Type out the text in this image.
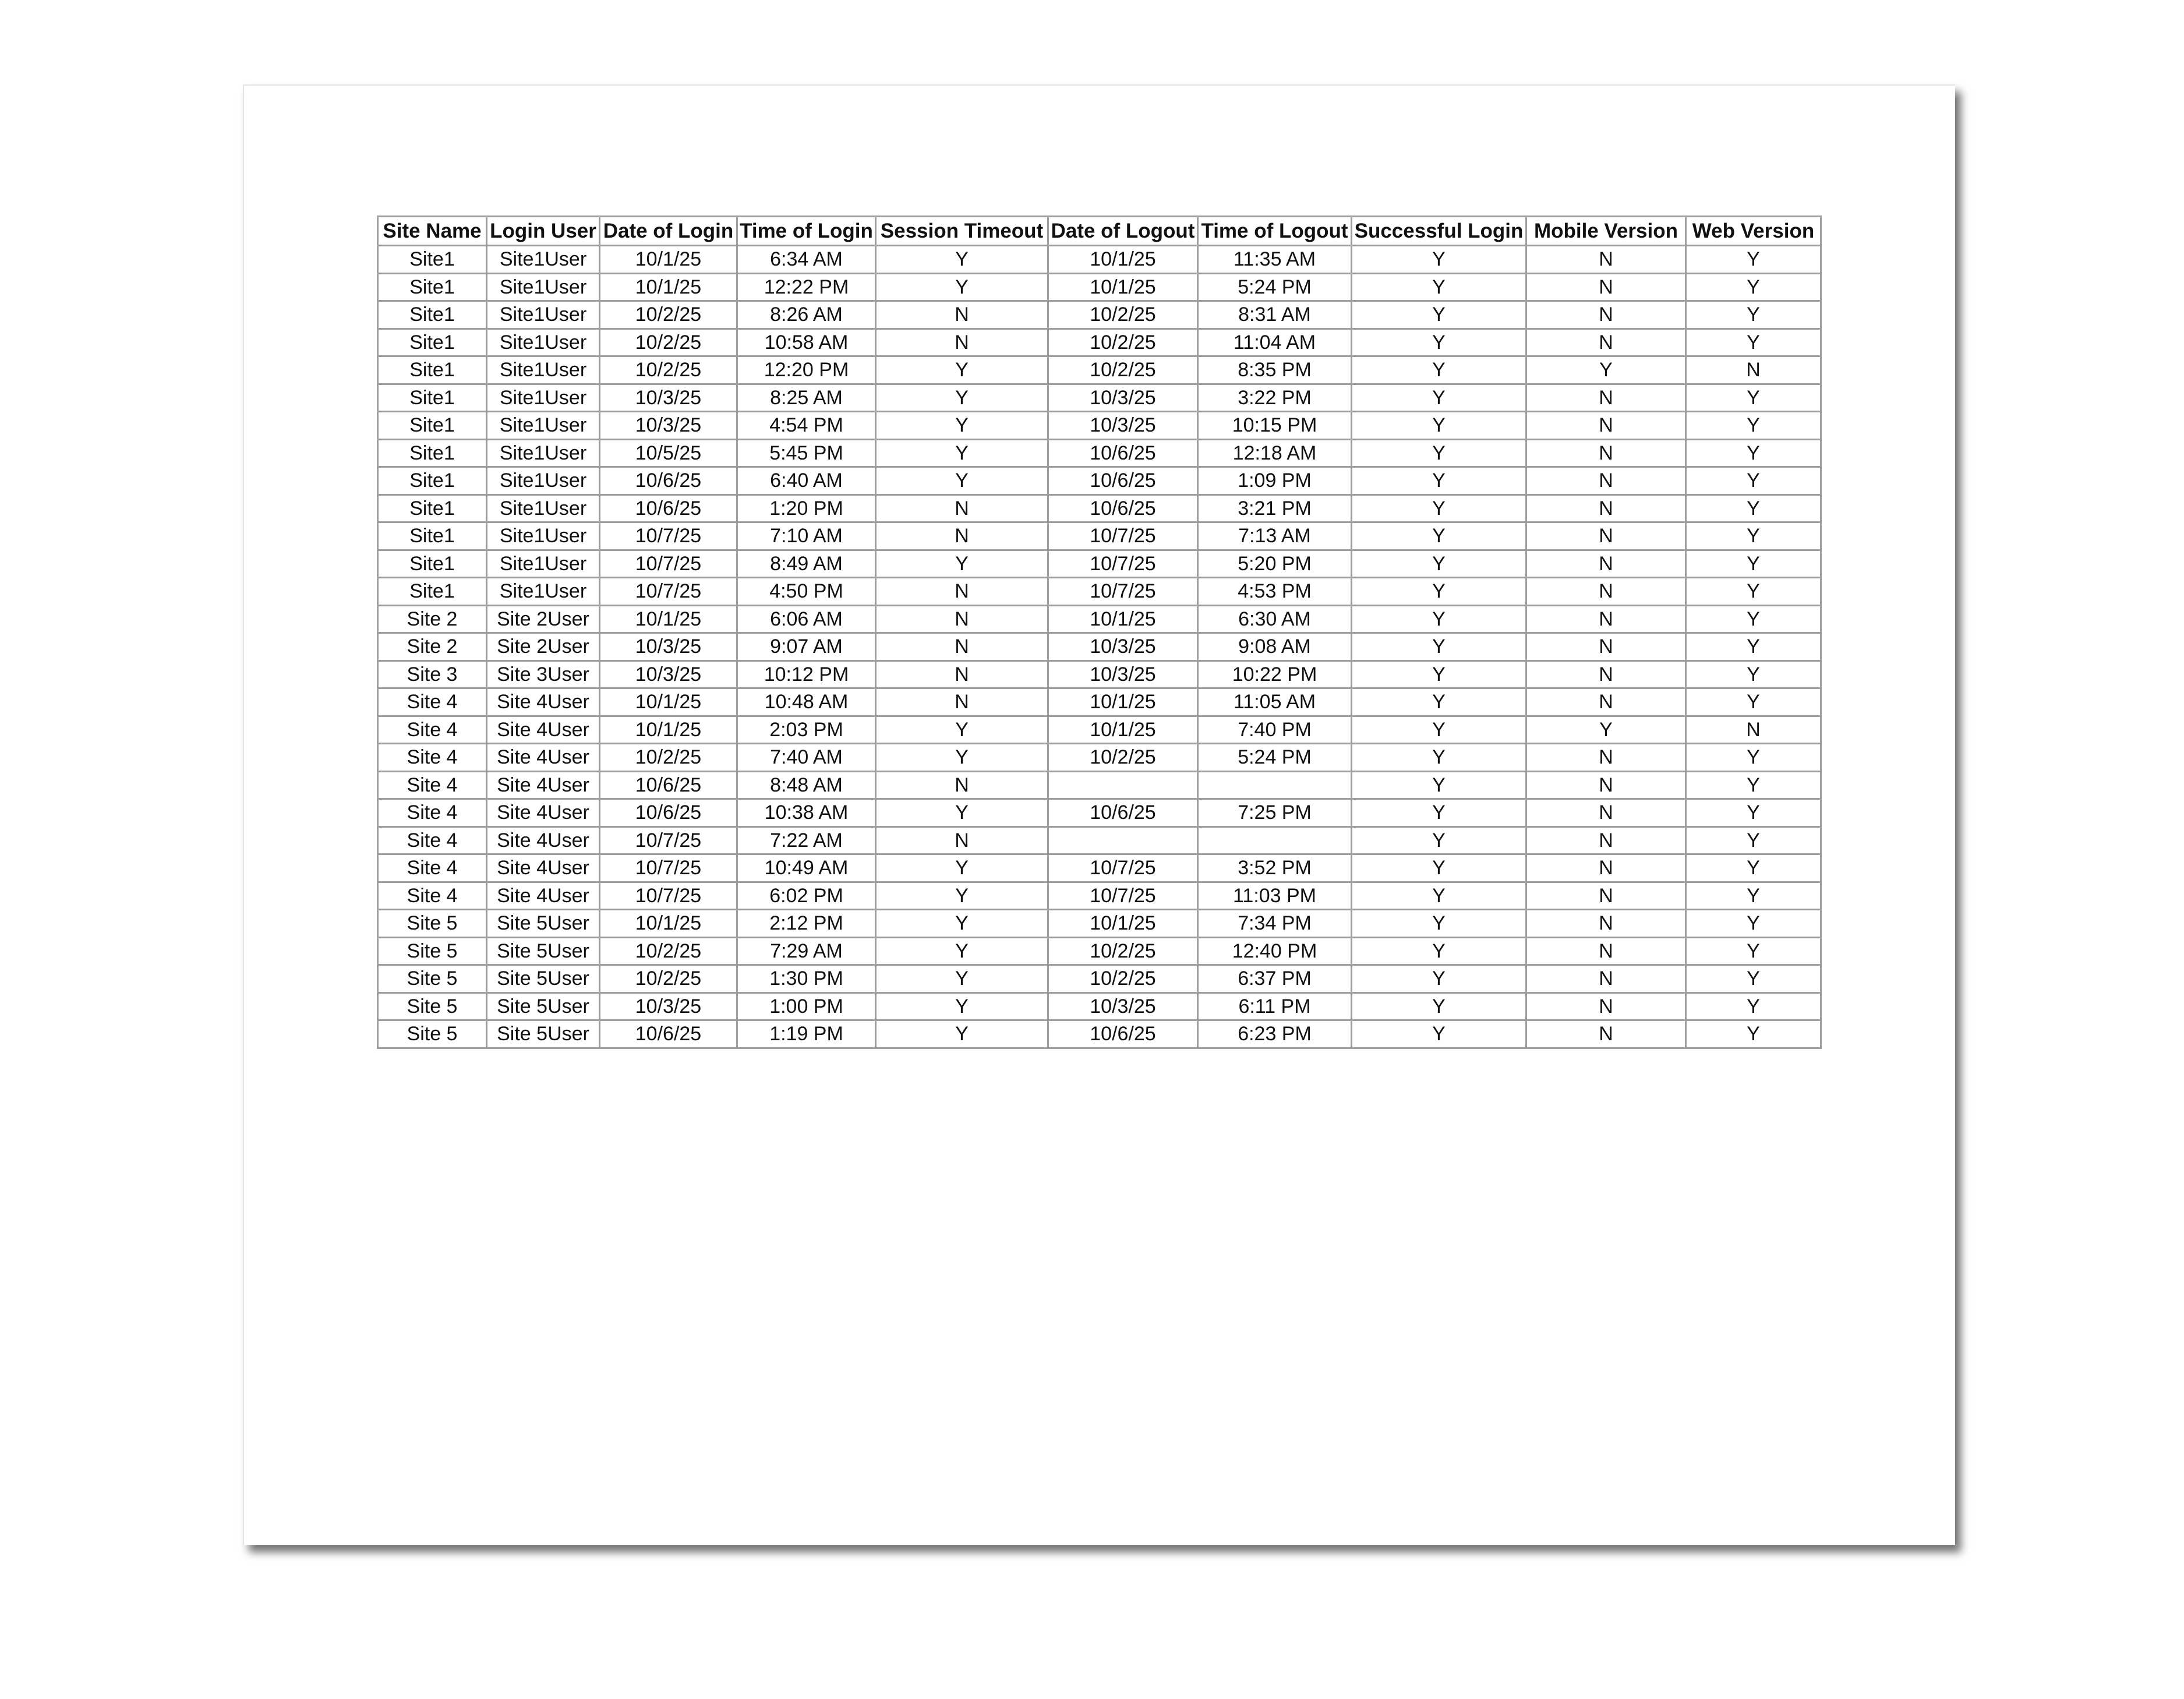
Site Name	Login User	Date of Login	Time of Login	Session Timeout	Date of Logout	Time of Logout	Successful Login	Mobile Version	Web Version
Site1	Site1User	10/1/25	6:34 AM	Y	10/1/25	11:35 AM	Y	N	Y
Site1	Site1User	10/1/25	12:22 PM	Y	10/1/25	5:24 PM	Y	N	Y
Site1	Site1User	10/2/25	8:26 AM	N	10/2/25	8:31 AM	Y	N	Y
Site1	Site1User	10/2/25	10:58 AM	N	10/2/25	11:04 AM	Y	N	Y
Site1	Site1User	10/2/25	12:20 PM	Y	10/2/25	8:35 PM	Y	Y	N
Site1	Site1User	10/3/25	8:25 AM	Y	10/3/25	3:22 PM	Y	N	Y
Site1	Site1User	10/3/25	4:54 PM	Y	10/3/25	10:15 PM	Y	N	Y
Site1	Site1User	10/5/25	5:45 PM	Y	10/6/25	12:18 AM	Y	N	Y
Site1	Site1User	10/6/25	6:40 AM	Y	10/6/25	1:09 PM	Y	N	Y
Site1	Site1User	10/6/25	1:20 PM	N	10/6/25	3:21 PM	Y	N	Y
Site1	Site1User	10/7/25	7:10 AM	N	10/7/25	7:13 AM	Y	N	Y
Site1	Site1User	10/7/25	8:49 AM	Y	10/7/25	5:20 PM	Y	N	Y
Site1	Site1User	10/7/25	4:50 PM	N	10/7/25	4:53 PM	Y	N	Y
Site 2	Site 2User	10/1/25	6:06 AM	N	10/1/25	6:30 AM	Y	N	Y
Site 2	Site 2User	10/3/25	9:07 AM	N	10/3/25	9:08 AM	Y	N	Y
Site 3	Site 3User	10/3/25	10:12 PM	N	10/3/25	10:22 PM	Y	N	Y
Site 4	Site 4User	10/1/25	10:48 AM	N	10/1/25	11:05 AM	Y	N	Y
Site 4	Site 4User	10/1/25	2:03 PM	Y	10/1/25	7:40 PM	Y	Y	N
Site 4	Site 4User	10/2/25	7:40 AM	Y	10/2/25	5:24 PM	Y	N	Y
Site 4	Site 4User	10/6/25	8:48 AM	N			Y	N	Y
Site 4	Site 4User	10/6/25	10:38 AM	Y	10/6/25	7:25 PM	Y	N	Y
Site 4	Site 4User	10/7/25	7:22 AM	N			Y	N	Y
Site 4	Site 4User	10/7/25	10:49 AM	Y	10/7/25	3:52 PM	Y	N	Y
Site 4	Site 4User	10/7/25	6:02 PM	Y	10/7/25	11:03 PM	Y	N	Y
Site 5	Site 5User	10/1/25	2:12 PM	Y	10/1/25	7:34 PM	Y	N	Y
Site 5	Site 5User	10/2/25	7:29 AM	Y	10/2/25	12:40 PM	Y	N	Y
Site 5	Site 5User	10/2/25	1:30 PM	Y	10/2/25	6:37 PM	Y	N	Y
Site 5	Site 5User	10/3/25	1:00 PM	Y	10/3/25	6:11 PM	Y	N	Y
Site 5	Site 5User	10/6/25	1:19 PM	Y	10/6/25	6:23 PM	Y	N	Y
